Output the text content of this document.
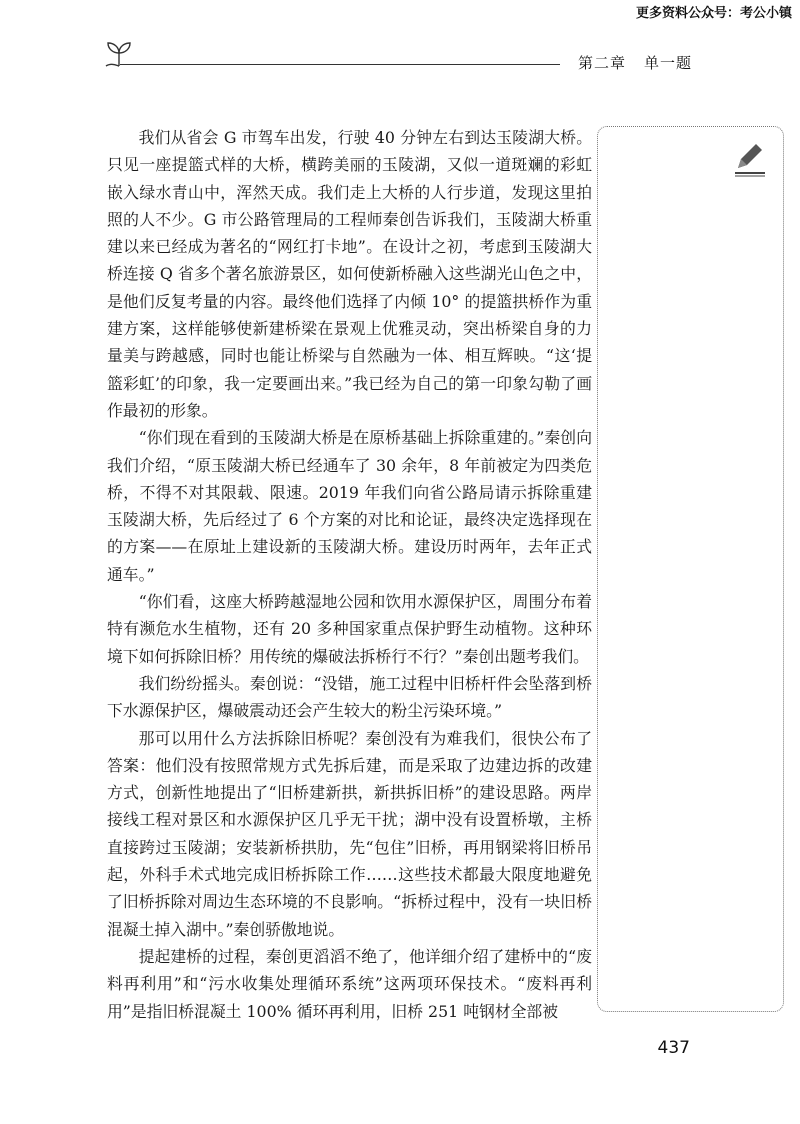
更多资料公众号：考公小镇
第二章 单一题

我们从省会 G 市驾车出发，行驶 40 分钟左右到达玉陵湖大桥。只见一座提篮式样的大桥，横跨美丽的玉陵湖，又似一道斑斓的彩虹嵌入绿水青山中，浑然天成。我们走上大桥的人行步道，发现这里拍照的人不少。G 市公路管理局的工程师秦创告诉我们，玉陵湖大桥重建以来已经成为著名的“网红打卡地”。在设计之初，考虑到玉陵湖大桥连接 Q 省多个著名旅游景区，如何使新桥融入这些湖光山色之中，是他们反复考量的内容。最终他们选择了内倾 10° 的提篮拱桥作为重建方案，这样能够使新建桥梁在景观上优雅灵动，突出桥梁自身的力量美与跨越感，同时也能让桥梁与自然融为一体、相互辉映。“这‘提篮彩虹’的印象，我一定要画出来。”我已经为自己的第一印象勾勒了画作最初的形象。

“你们现在看到的玉陵湖大桥是在原桥基础上拆除重建的。”秦创向我们介绍，“原玉陵湖大桥已经通车了 30 余年，8 年前被定为四类危桥，不得不对其限载、限速。2019 年我们向省公路局请示拆除重建玉陵湖大桥，先后经过了 6 个方案的对比和论证，最终决定选择现在的方案——在原址上建设新的玉陵湖大桥。建设历时两年，去年正式通车。”

“你们看，这座大桥跨越湿地公园和饮用水源保护区，周围分布着特有濒危水生植物，还有 20 多种国家重点保护野生动植物。这种环境下如何拆除旧桥？用传统的爆破法拆桥行不行？”秦创出题考我们。

我们纷纷摇头。秦创说：“没错，施工过程中旧桥杆件会坠落到桥下水源保护区，爆破震动还会产生较大的粉尘污染环境。”

那可以用什么方法拆除旧桥呢？秦创没有为难我们，很快公布了答案：他们没有按照常规方式先拆后建，而是采取了边建边拆的改建方式，创新性地提出了“旧桥建新拱，新拱拆旧桥”的建设思路。两岸接线工程对景区和水源保护区几乎无干扰；湖中没有设置桥墩，主桥直接跨过玉陵湖；安装新桥拱肋，先“包住”旧桥，再用钢梁将旧桥吊起，外科手术式地完成旧桥拆除工作……这些技术都最大限度地避免了旧桥拆除对周边生态环境的不良影响。“拆桥过程中，没有一块旧桥混凝土掉入湖中。”秦创骄傲地说。

提起建桥的过程，秦创更滔滔不绝了，他详细介绍了建桥中的“废料再利用”和“污水收集处理循环系统”这两项环保技术。“废料再利用”是指旧桥混凝土 100% 循环再利用，旧桥 251 吨钢材全部被

437
